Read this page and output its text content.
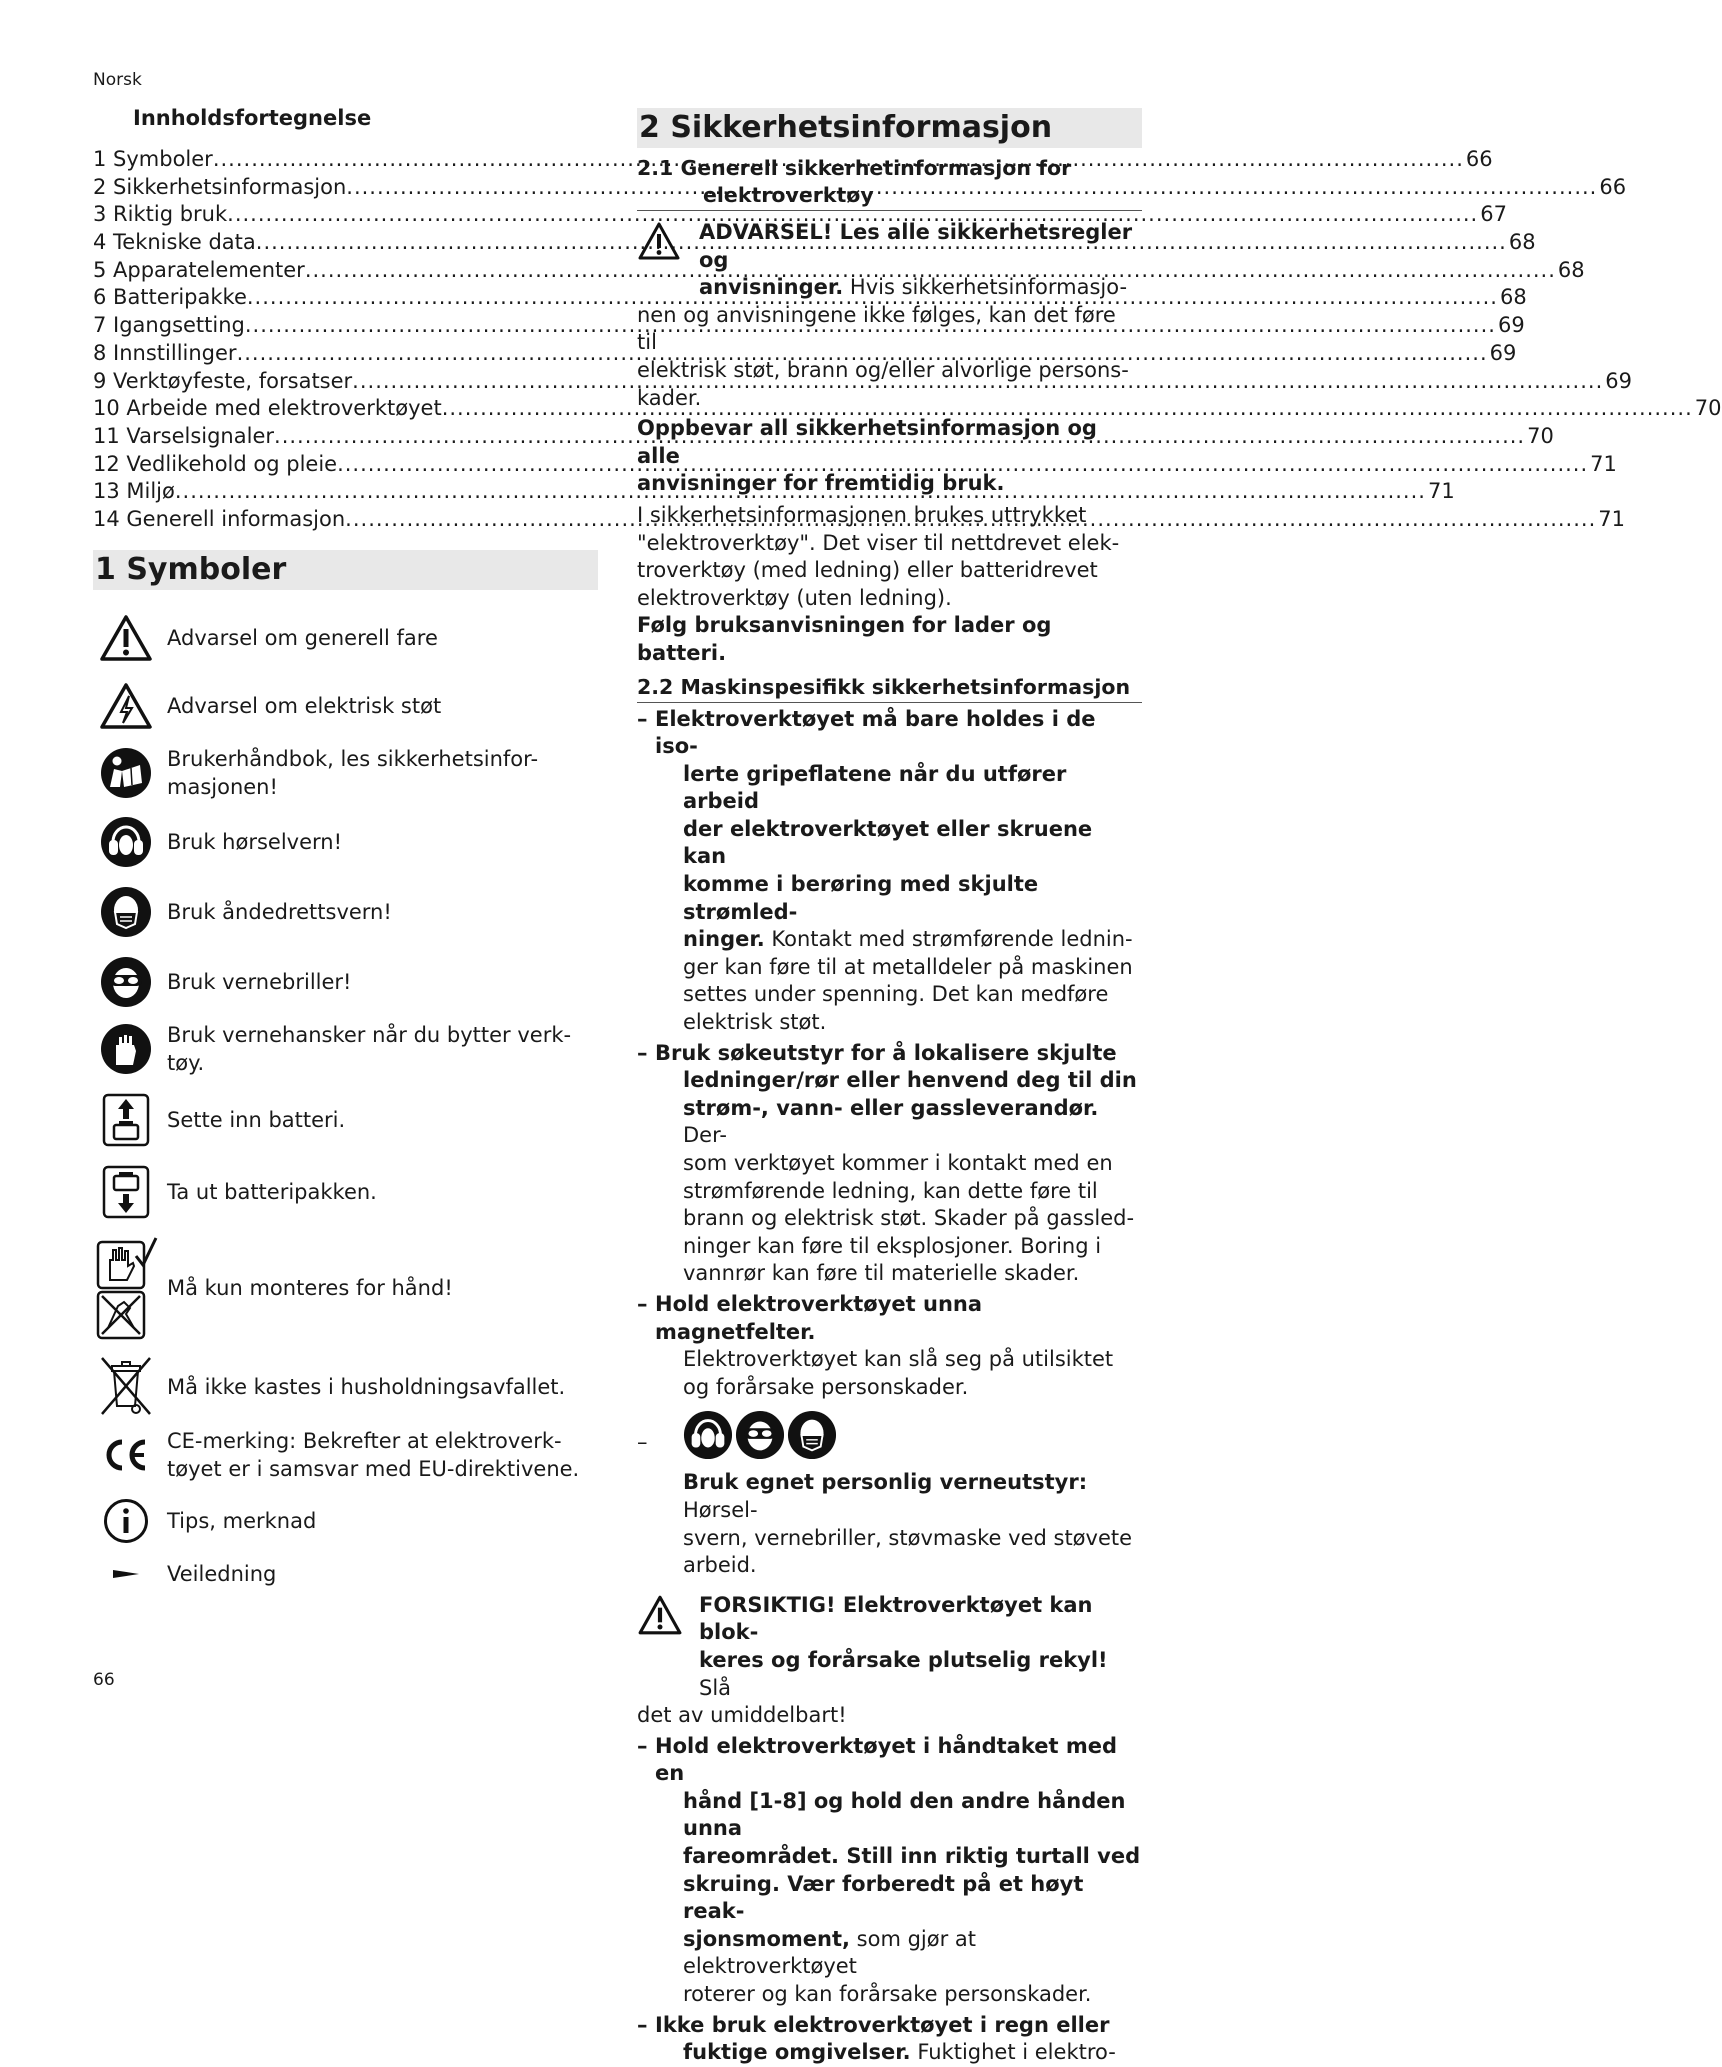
Norsk
Innholdsfortegnelse
1 Symboler .....	66
2 Sikkerhetsinformasjon .....	66
3 Riktig bruk .....	67
4 Tekniske data .....	68
5 Apparatelementer .....	68
6 Batteripakke .....	68
7 Igangsetting .....	69
8 Innstillinger .....	69
9 Verktøyfeste, forsatser .....	69
10 Arbeide med elektroverktøyet .....	70
11 Varselsignaler .....	70
12 Vedlikehold og pleie .....	71
13 Miljø .....	71
14 Generell informasjon .....	71
1 Symboler
Advarsel om generell fare
Advarsel om elektrisk støt
Brukerhåndbok, les sikkerhetsinfor-
masjonen!
Bruk hørselvern!
Bruk åndedrettsvern!
Bruk vernebriller!
Bruk vernehansker når du bytter verk-
tøy.
Sette inn batteri.
Ta ut batteripakken.
Må kun monteres for hånd!
Må ikke kastes i husholdningsavfallet.
CE-merking: Bekrefter at elektroverk-
tøyet er i samsvar med EU-direktivene.
Tips, merknad
Veiledning
2 Sikkerhetsinformasjon
2.1 Generell sikkerhetinformasjon for
elektroverktøy
ADVARSEL! Les alle sikkerhetsregler og
anvisninger. Hvis sikkerhetsinformasjo-
nen og anvisningene ikke følges, kan det føre til
elektrisk støt, brann og/eller alvorlige persons-
kader.
Oppbevar all sikkerhetsinformasjon og alle
anvisninger for fremtidig bruk.
I sikkerhetsinformasjonen brukes uttrykket
"elektroverktøy". Det viser til nettdrevet elek-
troverktøy (med ledning) eller batteridrevet
elektroverktøy (uten ledning).
Følg bruksanvisningen for lader og batteri.
2.2 Maskinspesifikk sikkerhetsinformasjon
– Elektroverktøyet må bare holdes i de iso-
lerte gripeflatene når du utfører arbeid
der elektroverktøyet eller skruene kan
komme i berøring med skjulte strømled-
ninger. Kontakt med strømførende lednin-
ger kan føre til at metalldeler på maskinen
settes under spenning. Det kan medføre
elektrisk støt.
– Bruk søkeutstyr for å lokalisere skjulte
ledninger/rør eller henvend deg til din
strøm-, vann- eller gassleverandør. Der-
som verktøyet kommer i kontakt med en
strømførende ledning, kan dette føre til
brann og elektrisk støt. Skader på gassled-
ninger kan føre til eksplosjoner. Boring i
vannrør kan føre til materielle skader.
– Hold elektroverktøyet unna magnetfelter.
Elektroverktøyet kan slå seg på utilsiktet
og forårsake personskader.
–
Bruk egnet personlig verneutstyr: Hørsel-
svern, vernebriller, støvmaske ved støvete
arbeid.
FORSIKTIG! Elektroverktøyet kan blok-
keres og forårsake plutselig rekyl! Slå
det av umiddelbart!
– Hold elektroverktøyet i håndtaket med en
hånd [1-8] og hold den andre hånden unna
fareområdet. Still inn riktig turtall ved
skruing. Vær forberedt på et høyt reak-
sjonsmoment, som gjør at elektroverktøyet
roterer og kan forårsake personskader.
– Ikke bruk elektroverktøyet i regn eller
fuktige omgivelser. Fuktighet i elektro-
66
